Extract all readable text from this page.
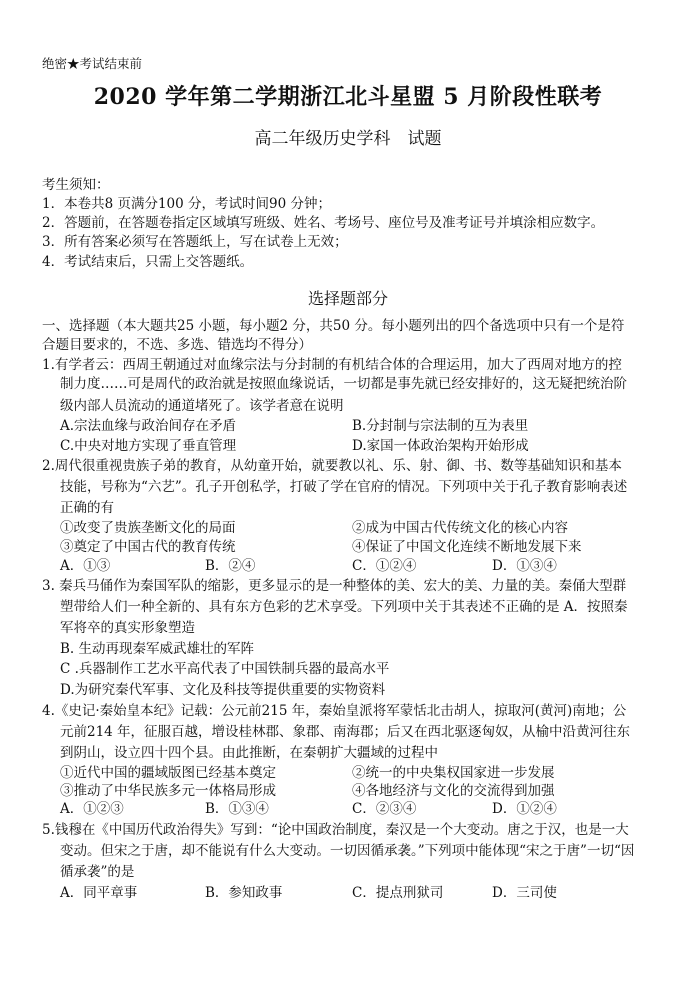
绝密★考试结束前
2020 学年第二学期浙江北斗星盟 5 月阶段性联考
高二年级历史学科　试题
考生须知：
1．本卷共8 页满分100 分，考试时间90 分钟；
2．答题前，在答题卷指定区域填写班级、姓名、考场号、座位号及准考证号并填涂相应数字。
3．所有答案必须写在答题纸上，写在试卷上无效；
4．考试结束后，只需上交答题纸。
选择题部分
一、选择题（本大题共25 小题，每小题2 分，共50 分。每小题列出的四个备选项中只有一个是符
合题目要求的，不选、多选、错选均不得分）
1.有学者云：西周王朝通过对血缘宗法与分封制的有机结合体的合理运用，加大了西周对地方的控
制力度……可是周代的政治就是按照血缘说话，一切都是事先就已经安排好的，这无疑把统治阶
级内部人员流动的通道堵死了。该学者意在说明
A.宗法血缘与政治间存在矛盾	B.分封制与宗法制的互为表里
C.中央对地方实现了垂直管理	D.家国一体政治架构开始形成
2.周代很重视贵族子弟的教育，从幼童开始，就要教以礼、乐、射、御、书、数等基础知识和基本
技能，号称为“六艺”。孔子开创私学，打破了学在官府的情况。下列项中关于孔子教育影响表述
正确的有
①改变了贵族垄断文化的局面	②成为中国古代传统文化的核心内容
③奠定了中国古代的教育传统	④保证了中国文化连续不断地发展下来
A．①③	B．②④	C．①②④	D．①③④
3. 秦兵马俑作为秦国军队的缩影，更多显示的是一种整体的美、宏大的美、力量的美。秦俑大型群
塑带给人们一种全新的、具有东方色彩的艺术享受。下列项中关于其表述不正确的是 A．按照秦
军将卒的真实形象塑造
B. 生动再现秦军威武雄壮的军阵
C .兵器制作工艺水平高代表了中国铁制兵器的最高水平
D.为研究秦代军事、文化及科技等提供重要的实物资料
4.《史记·秦始皇本纪》记载：公元前215 年，秦始皇派将军蒙恬北击胡人，掠取河(黄河)南地；公
元前214 年，征服百越，增设桂林郡、象郡、南海郡；后又在西北驱逐匈奴，从榆中沿黄河往东
到阴山，设立四十四个县。由此推断，在秦朝扩大疆域的过程中
①近代中国的疆域版图已经基本奠定	②统一的中央集权国家进一步发展
③推动了中华民族多元一体格局形成	④各地经济与文化的交流得到加强
A．①②③	B．①③④	C．②③④	D．①②④
5.钱穆在《中国历代政治得失》写到：“论中国政治制度，秦汉是一个大变动。唐之于汉，也是一大
变动。但宋之于唐，却不能说有什么大变动。一切因循承袭。”下列项中能体现“宋之于唐”一切“因
循承袭”的是
A．同平章事	B．参知政事	C．提点刑狱司	D．三司使
